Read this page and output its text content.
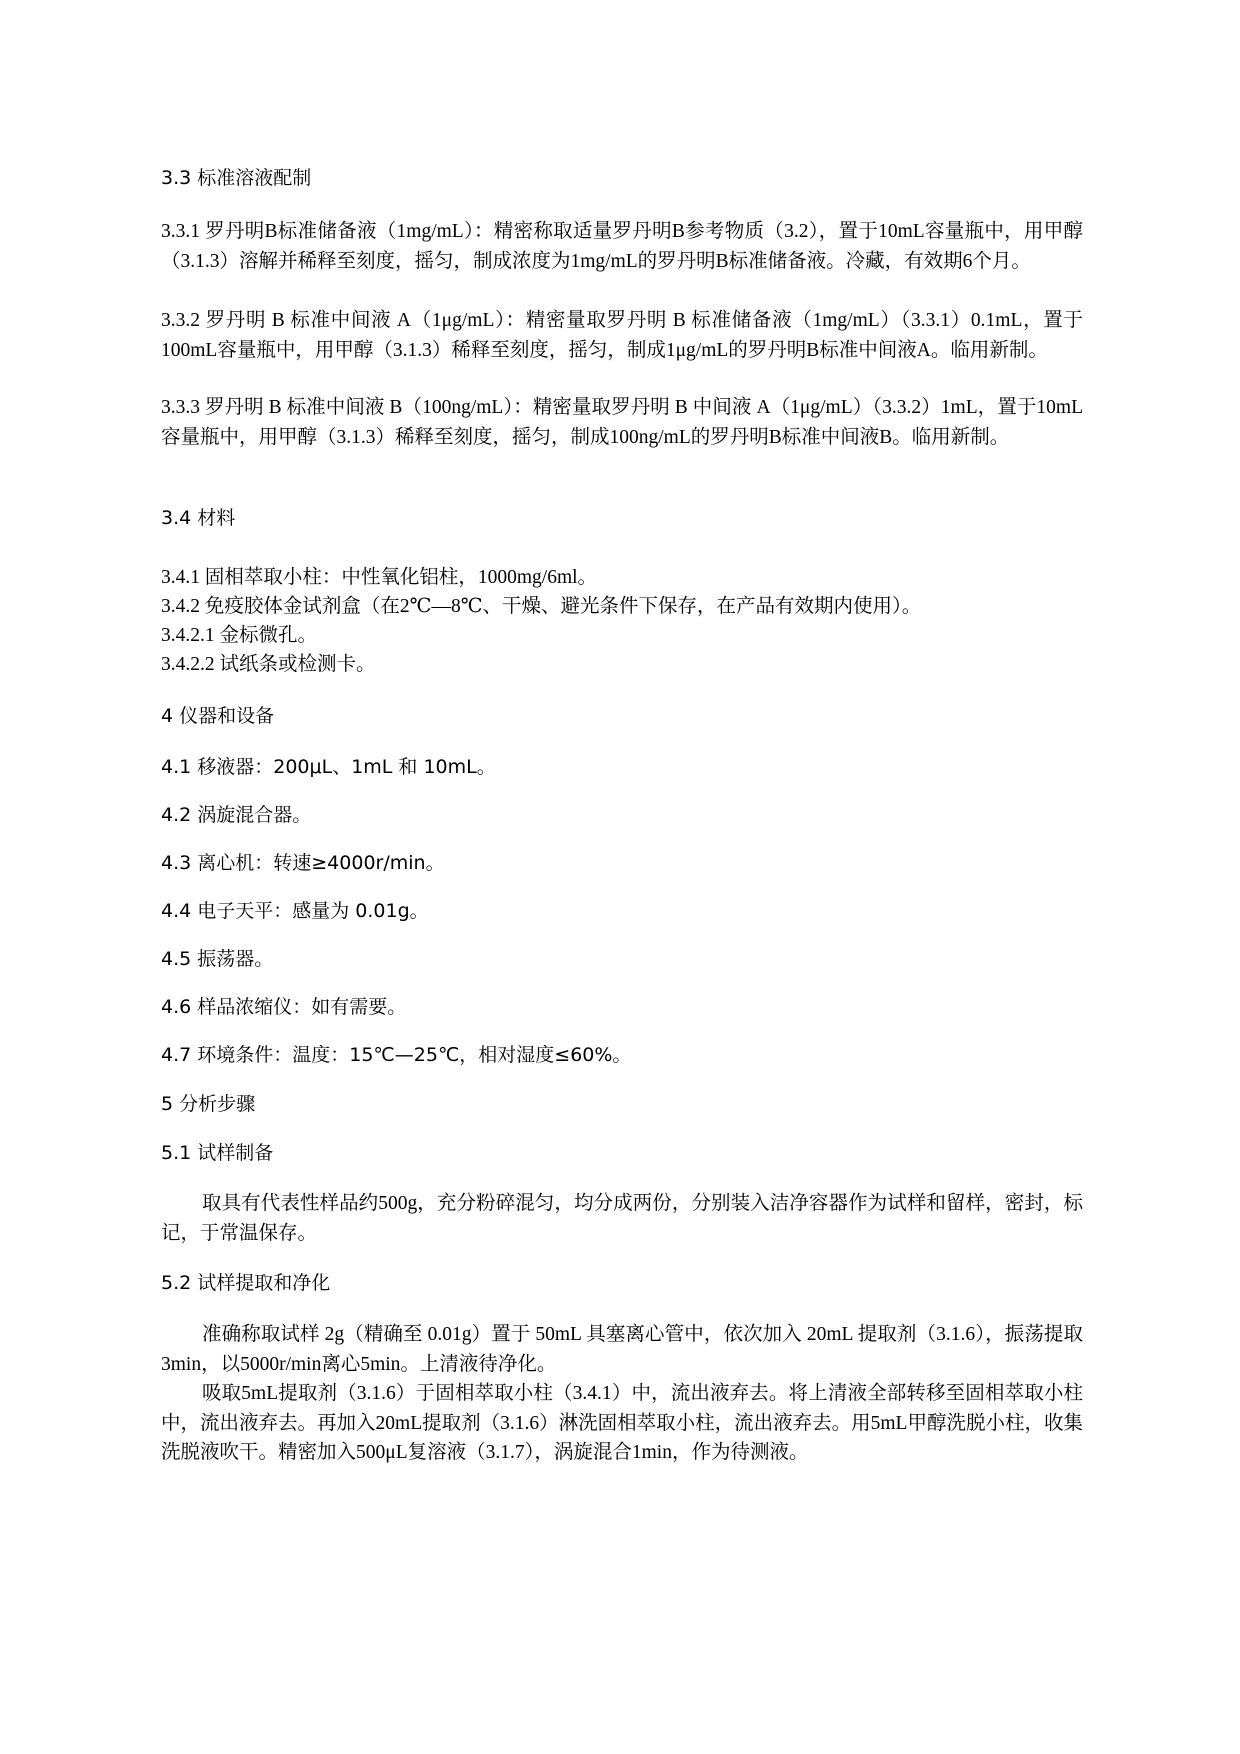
3.3 标准溶液配制
3.3.1 罗丹明B标准储备液（1mg/mL）：精密称取适量罗丹明B参考物质（3.2），置于10mL容量瓶中，用甲醇（3.1.3）溶解并稀释至刻度，摇匀，制成浓度为1mg/mL的罗丹明B标准储备液。冷藏，有效期6个月。
3.3.2 罗丹明 B 标准中间液 A（1μg/mL）：精密量取罗丹明 B 标准储备液（1mg/mL）（3.3.1）0.1mL，置于100mL容量瓶中，用甲醇（3.1.3）稀释至刻度，摇匀，制成1μg/mL的罗丹明B标准中间液A。临用新制。
3.3.3 罗丹明 B 标准中间液 B（100ng/mL）：精密量取罗丹明 B 中间液 A（1μg/mL）（3.3.2）1mL，置于10mL容量瓶中，用甲醇（3.1.3）稀释至刻度，摇匀，制成100ng/mL的罗丹明B标准中间液B。临用新制。
3.4 材料
3.4.1 固相萃取小柱：中性氧化铝柱，1000mg/6ml。
3.4.2 免疫胶体金试剂盒（在2℃—8℃、干燥、避光条件下保存，在产品有效期内使用）。
3.4.2.1 金标微孔。
3.4.2.2 试纸条或检测卡。
4 仪器和设备
4.1 移液器：200μL、1mL 和 10mL。
4.2 涡旋混合器。
4.3 离心机：转速≥4000r/min。
4.4 电子天平：感量为 0.01g。
4.5 振荡器。
4.6 样品浓缩仪：如有需要。
4.7 环境条件：温度：15℃—25℃，相对湿度≤60%。
5 分析步骤
5.1 试样制备
取具有代表性样品约500g，充分粉碎混匀，均分成两份，分别装入洁净容器作为试样和留样，密封，标记，于常温保存。
5.2 试样提取和净化
准确称取试样 2g（精确至 0.01g）置于 50mL 具塞离心管中，依次加入 20mL 提取剂（3.1.6），振荡提取3min，以5000r/min离心5min。上清液待净化。
吸取5mL提取剂（3.1.6）于固相萃取小柱（3.4.1）中，流出液弃去。将上清液全部转移至固相萃取小柱中，流出液弃去。再加入20mL提取剂（3.1.6）淋洗固相萃取小柱，流出液弃去。用5mL甲醇洗脱小柱，收集洗脱液吹干。精密加入500μL复溶液（3.1.7），涡旋混合1min，作为待测液。
